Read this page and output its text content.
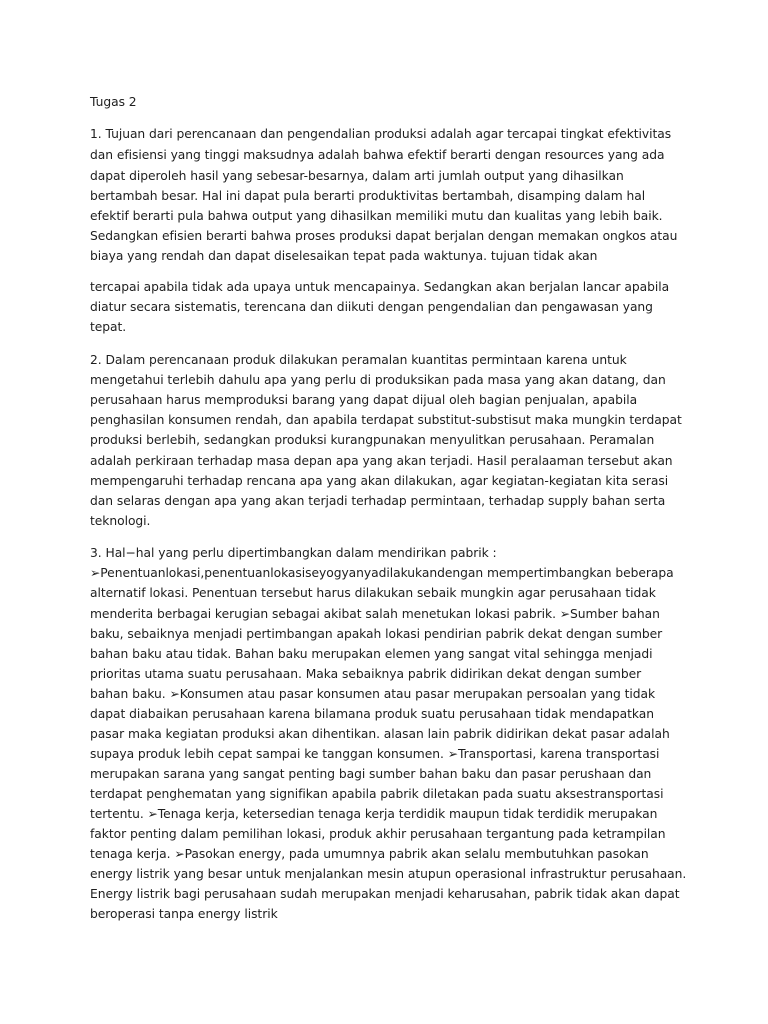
Tugas 2

1. Tujuan dari perencanaan dan pengendalian produksi adalah agar tercapai tingkat efektivitas

dan efisiensi yang tinggi maksudnya adalah bahwa efektif berarti dengan resources yang ada

dapat diperoleh hasil yang sebesar-besarnya, dalam arti jumlah output yang dihasilkan

bertambah besar. Hal ini dapat pula berarti produktivitas bertambah, disamping dalam hal

efektif berarti pula bahwa output yang dihasilkan memiliki mutu dan kualitas yang lebih baik.

Sedangkan efisien berarti bahwa proses produksi dapat berjalan dengan memakan ongkos atau

biaya yang rendah dan dapat diselesaikan tepat pada waktunya. tujuan tidak akan

tercapai apabila tidak ada upaya untuk mencapainya. Sedangkan akan berjalan lancar apabila

diatur secara sistematis, terencana dan diikuti dengan pengendalian dan pengawasan yang

tepat.

2. Dalam perencanaan produk dilakukan peramalan kuantitas permintaan karena untuk

mengetahui terlebih dahulu apa yang perlu di produksikan pada masa yang akan datang, dan

perusahaan harus memproduksi barang yang dapat dijual oleh bagian penjualan, apabila

penghasilan konsumen rendah, dan apabila terdapat substitut-substisut maka mungkin terdapat

produksi berlebih, sedangkan produksi kurangpunakan menyulitkan perusahaan. Peramalan

adalah perkiraan terhadap masa depan apa yang akan terjadi. Hasil peralaaman tersebut akan

mempengaruhi terhadap rencana apa yang akan dilakukan, agar kegiatan-kegiatan kita serasi

dan selaras dengan apa yang akan terjadi terhadap permintaan, terhadap supply bahan serta

teknologi.

3. Hal−hal yang perlu dipertimbangkan dalam mendirikan pabrik :

➢Penentuanlokasi,penentuanlokasiseyogyanyadilakukandengan mempertimbangkan beberapa

alternatif lokasi. Penentuan tersebut harus dilakukan sebaik mungkin agar perusahaan tidak

menderita berbagai kerugian sebagai akibat salah menetukan lokasi pabrik. ➢Sumber bahan

baku, sebaiknya menjadi pertimbangan apakah lokasi pendirian pabrik dekat dengan sumber

bahan baku atau tidak. Bahan baku merupakan elemen yang sangat vital sehingga menjadi

prioritas utama suatu perusahaan. Maka sebaiknya pabrik didirikan dekat dengan sumber

bahan baku. ➢Konsumen atau pasar konsumen atau pasar merupakan persoalan yang tidak

dapat diabaikan perusahaan karena bilamana produk suatu perusahaan tidak mendapatkan

pasar maka kegiatan produksi akan dihentikan. alasan lain pabrik didirikan dekat pasar adalah

supaya produk lebih cepat sampai ke tanggan konsumen. ➢Transportasi, karena transportasi

merupakan sarana yang sangat penting bagi sumber bahan baku dan pasar perushaan dan

terdapat penghematan yang signifikan apabila pabrik diletakan pada suatu aksestransportasi

tertentu. ➢Tenaga kerja, ketersedian tenaga kerja terdidik maupun tidak terdidik merupakan

faktor penting dalam pemilihan lokasi, produk akhir perusahaan tergantung pada ketrampilan

tenaga kerja. ➢Pasokan energy, pada umumnya pabrik akan selalu membutuhkan pasokan

energy listrik yang besar untuk menjalankan mesin atupun operasional infrastruktur perusahaan.

Energy listrik bagi perusahaan sudah merupakan menjadi keharusahan, pabrik tidak akan dapat

beroperasi tanpa energy listrik
